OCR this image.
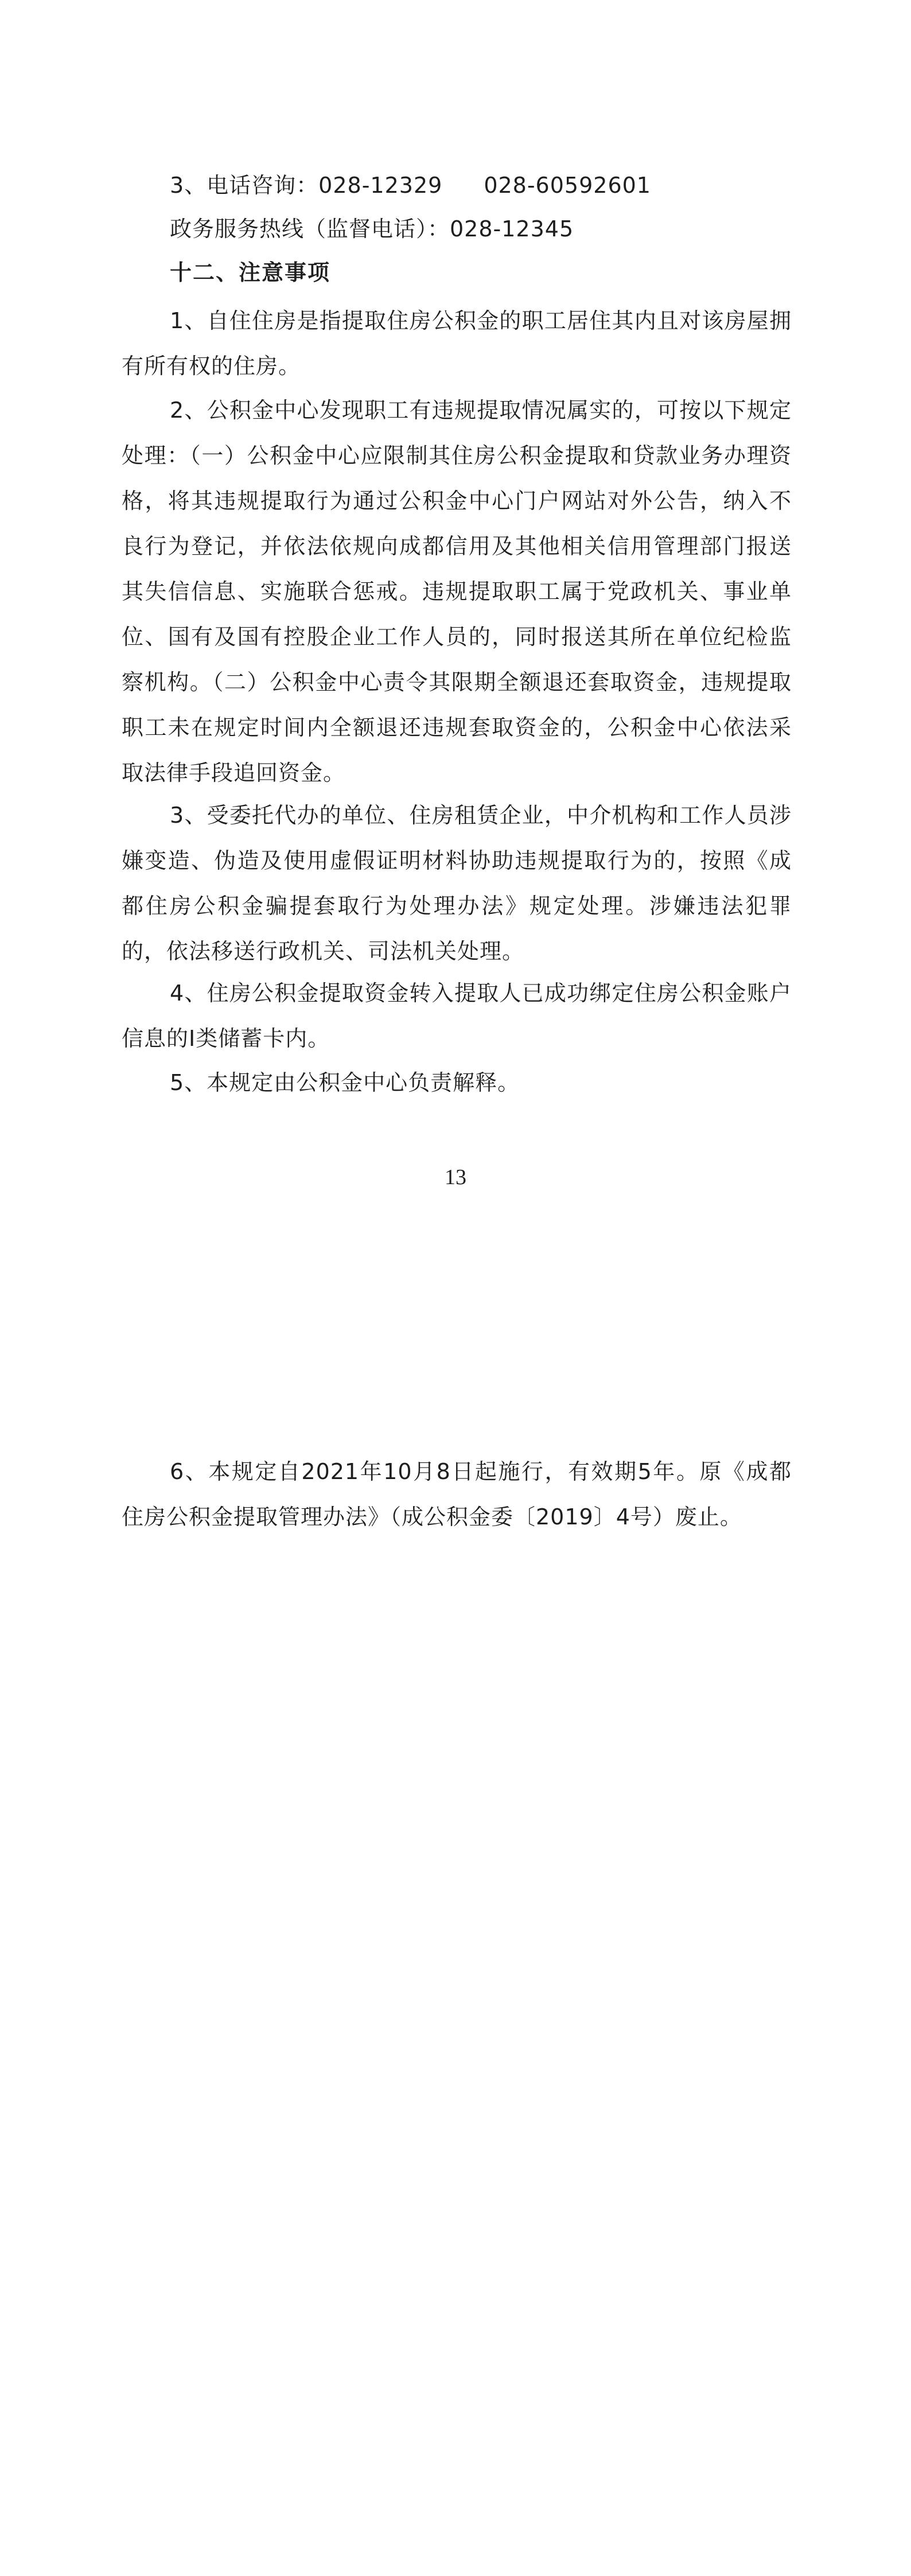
3、电话咨询：028-12329 028-60592601

政务服务热线（监督电话）：028-12345

十二、注意事项

1、自住住房是指提取住房公积金的职工居住其内且对该房屋拥有所有权的住房。

2、公积金中心发现职工有违规提取情况属实的，可按以下规定处理：（一）公积金中心应限制其住房公积金提取和贷款业务办理资格，将其违规提取行为通过公积金中心门户网站对外公告，纳入不良行为登记，并依法依规向成都信用及其他相关信用管理部门报送其失信信息、实施联合惩戒。违规提取职工属于党政机关、事业单位、国有及国有控股企业工作人员的，同时报送其所在单位纪检监察机构。（二）公积金中心责令其限期全额退还套取资金，违规提取职工未在规定时间内全额退还违规套取资金的，公积金中心依法采取法律手段追回资金。

3、受委托代办的单位、住房租赁企业，中介机构和工作人员涉嫌变造、伪造及使用虚假证明材料协助违规提取行为的，按照《成都住房公积金骗提套取行为处理办法》规定处理。涉嫌违法犯罪的，依法移送行政机关、司法机关处理。

4、住房公积金提取资金转入提取人已成功绑定住房公积金账户信息的Ⅰ类储蓄卡内。

5、本规定由公积金中心负责解释。

13

6、本规定自2021年10月8日起施行，有效期5年。原《成都住房公积金提取管理办法》（成公积金委〔2019〕4号）废止。
